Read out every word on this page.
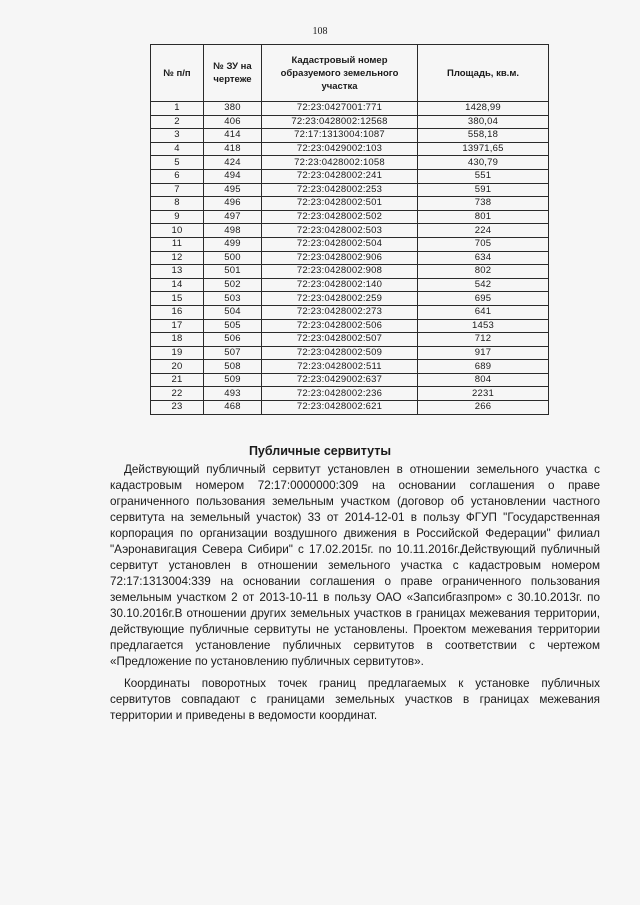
108
№ п/п	№ ЗУ на чертеже	Кадастровый номер образуемого земельного участка	Площадь, кв.м.
1	380	72:23:0427001:771	1428,99
2	406	72:23:0428002:12568	380,04
3	414	72:17:1313004:1087	558,18
4	418	72:23:0429002:103	13971,65
5	424	72:23:0428002:1058	430,79
6	494	72:23:0428002:241	551
7	495	72:23:0428002:253	591
8	496	72:23:0428002:501	738
9	497	72:23:0428002:502	801
10	498	72:23:0428002:503	224
11	499	72:23:0428002:504	705
12	500	72:23:0428002:906	634
13	501	72:23:0428002:908	802
14	502	72:23:0428002:140	542
15	503	72:23:0428002:259	695
16	504	72:23:0428002:273	641
17	505	72:23:0428002:506	1453
18	506	72:23:0428002:507	712
19	507	72:23:0428002:509	917
20	508	72:23:0428002:511	689
21	509	72:23:0429002:637	804
22	493	72:23:0428002:236	2231
23	468	72:23:0428002:621	266
Публичные сервитуты

Действующий публичный сервитут установлен в отношении земельного участка с кадастровым номером 72:17:0000000:309 на основании соглашения о праве ограниченного пользования земельным участком (договор об установлении частного сервитута на земельный участок) 33 от 2014-12-01 в пользу ФГУП "Государственная корпорация по организации воздушного движения в Российской Федерации" филиал "Аэронавигация Севера Сибири" с 17.02.2015г. по 10.11.2016г.Действующий публичный сервитут установлен в отношении земельного участка с кадастровым номером 72:17:1313004:339 на основании соглашения о праве ограниченного пользования земельным участком 2 от 2013-10-11 в пользу ОАО «Запсибгазпром» с 30.10.2013г. по 30.10.2016г.В отношении других земельных участков в границах межевания территории, действующие публичные сервитуты не установлены. Проектом межевания территории предлагается установление публичных сервитутов в соответствии с чертежом «Предложение по установлению публичных сервитутов».

Координаты поворотных точек границ предлагаемых к установке публичных сервитутов совпадают с границами земельных участков в границах межевания территории и приведены в ведомости координат.
